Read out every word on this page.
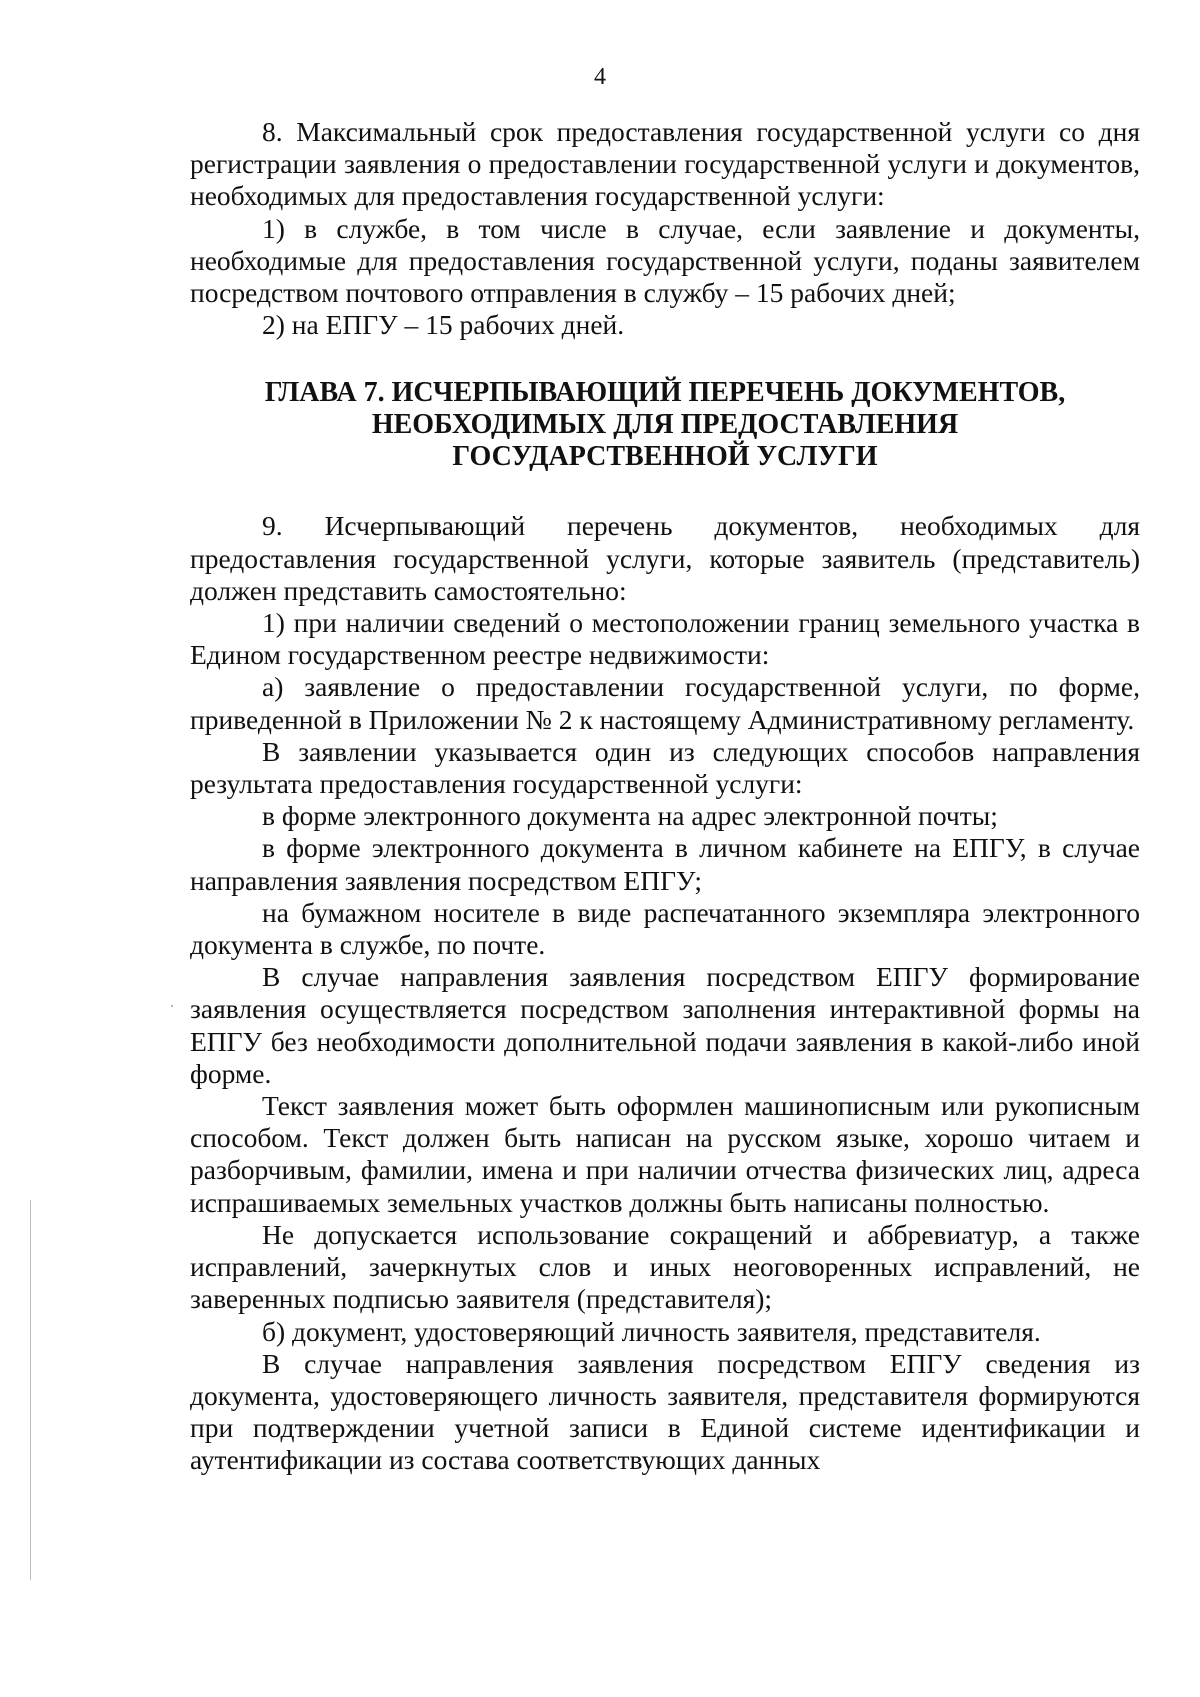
4

8. Максимальный срок предоставления государственной услуги со дня регистрации заявления о предоставлении государственной услуги и документов, необходимых для предоставления государственной услуги:

1) в службе, в том числе в случае, если заявление и документы, необходимые для предоставления государственной услуги, поданы заявителем посредством почтового отправления в службу – 15 рабочих дней;

2) на ЕПГУ – 15 рабочих дней.

ГЛАВА 7. ИСЧЕРПЫВАЮЩИЙ ПЕРЕЧЕНЬ ДОКУМЕНТОВ,
НЕОБХОДИМЫХ ДЛЯ ПРЕДОСТАВЛЕНИЯ
ГОСУДАРСТВЕННОЙ УСЛУГИ

9. Исчерпывающий перечень документов, необходимых для предоставления государственной услуги, которые заявитель (представитель) должен представить самостоятельно:

1) при наличии сведений о местоположении границ земельного участка в Едином государственном реестре недвижимости:

а) заявление о предоставлении государственной услуги, по форме, приведенной в Приложении № 2 к настоящему Административному регламенту.

В заявлении указывается один из следующих способов направления результата предоставления государственной услуги:

в форме электронного документа на адрес электронной почты;

в форме электронного документа в личном кабинете на ЕПГУ, в случае направления заявления посредством ЕПГУ;

на бумажном носителе в виде распечатанного экземпляра электронного документа в службе, по почте.

В случае направления заявления посредством ЕПГУ формирование заявления осуществляется посредством заполнения интерактивной формы на ЕПГУ без необходимости дополнительной подачи заявления в какой-либо иной форме.

Текст заявления может быть оформлен машинописным или рукописным способом. Текст должен быть написан на русском языке, хорошо читаем и разборчивым, фамилии, имена и при наличии отчества физических лиц, адреса испрашиваемых земельных участков должны быть написаны полностью.

Не допускается использование сокращений и аббревиатур, а также исправлений, зачеркнутых слов и иных неоговоренных исправлений, не заверенных подписью заявителя (представителя);

б) документ, удостоверяющий личность заявителя, представителя.

В случае направления заявления посредством ЕПГУ сведения из документа, удостоверяющего личность заявителя, представителя формируются при подтверждении учетной записи в Единой системе идентификации и аутентификации из состава соответствующих данных
